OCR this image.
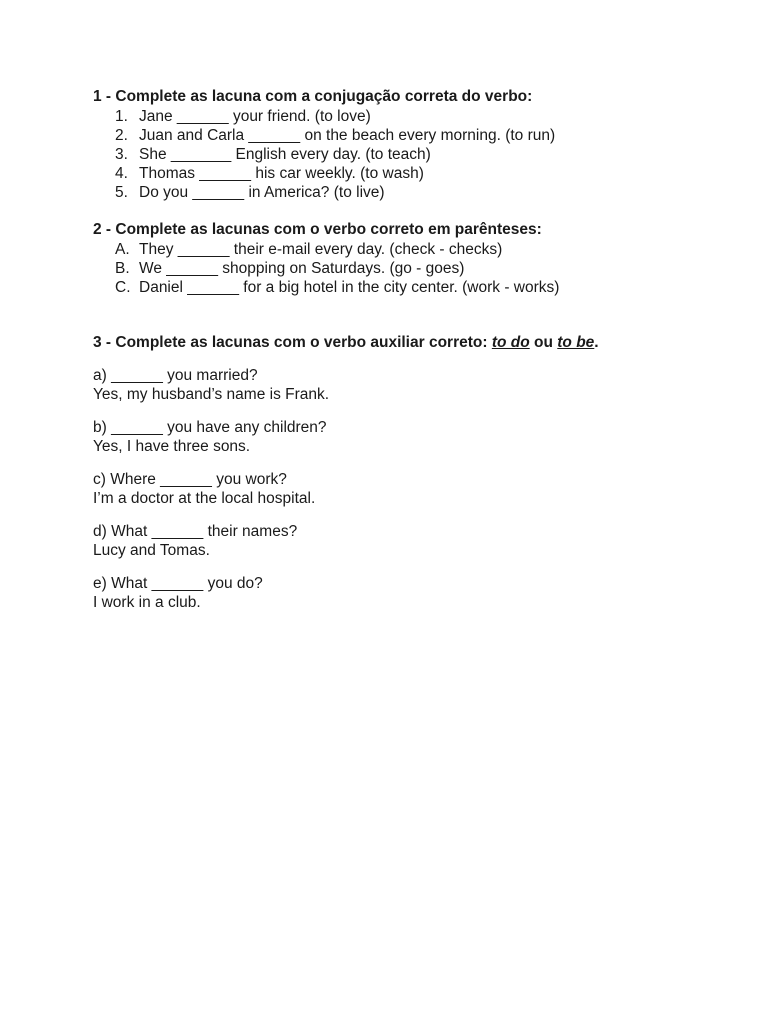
1 - Complete as lacuna com a conjugação correta do verbo:

1. Jane ______ your friend. (to love)
2. Juan and Carla ______ on the beach every morning. (to run)
3. She _______ English every day. (to teach)
4. Thomas ______ his car weekly. (to wash)
5. Do you ______ in America? (to live)

2 - Complete as lacunas com o verbo correto em parênteses:

A. They ______ their e-mail every day. (check - checks)
B. We ______ shopping on Saturdays. (go - goes)
C. Daniel ______ for a big hotel in the city center. (work - works)

3 - Complete as lacunas com o verbo auxiliar correto: to do ou to be.

a) ______ you married?
Yes, my husband’s name is Frank.
b) ______ you have any children?
Yes, I have three sons.
c) Where ______ you work?
I’m a doctor at the local hospital.
d) What ______ their names?
Lucy and Tomas.
e) What ______ you do?
I work in a club.
